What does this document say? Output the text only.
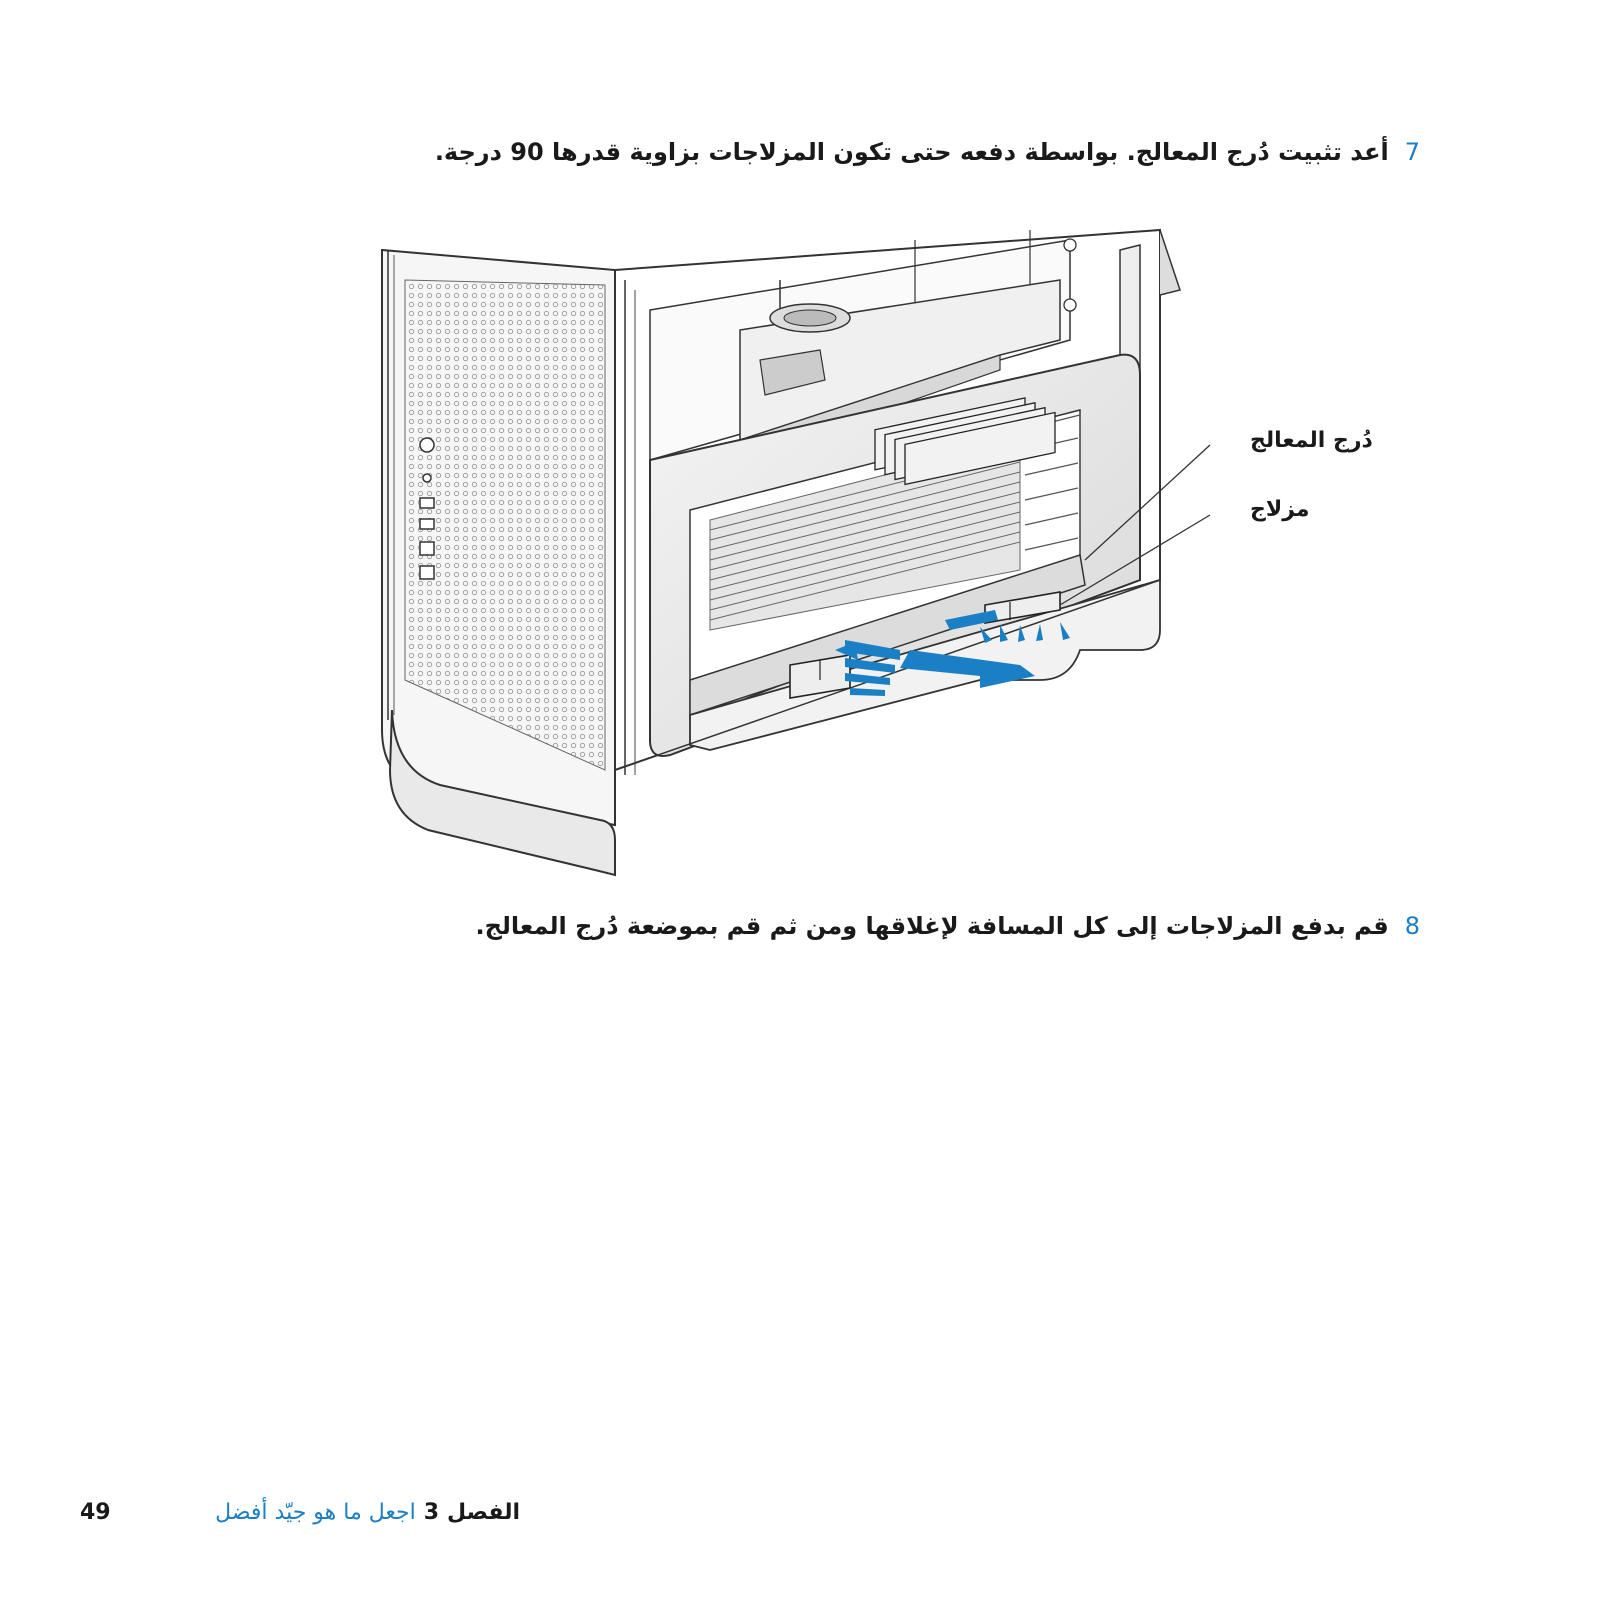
7أعد تثبيت دُرج المعالج. بواسطة دفعه حتى تكون المزلاجات بزاوية قدرها 90 درجة.
دُرج المعالج
مزلاج
8قم بدفع المزلاجات إلى كل المسافة لإغلاقها ومن ثم قم بموضعة دُرج المعالج.
49	الفصل3اجعل ما هو جيّد أفضل
